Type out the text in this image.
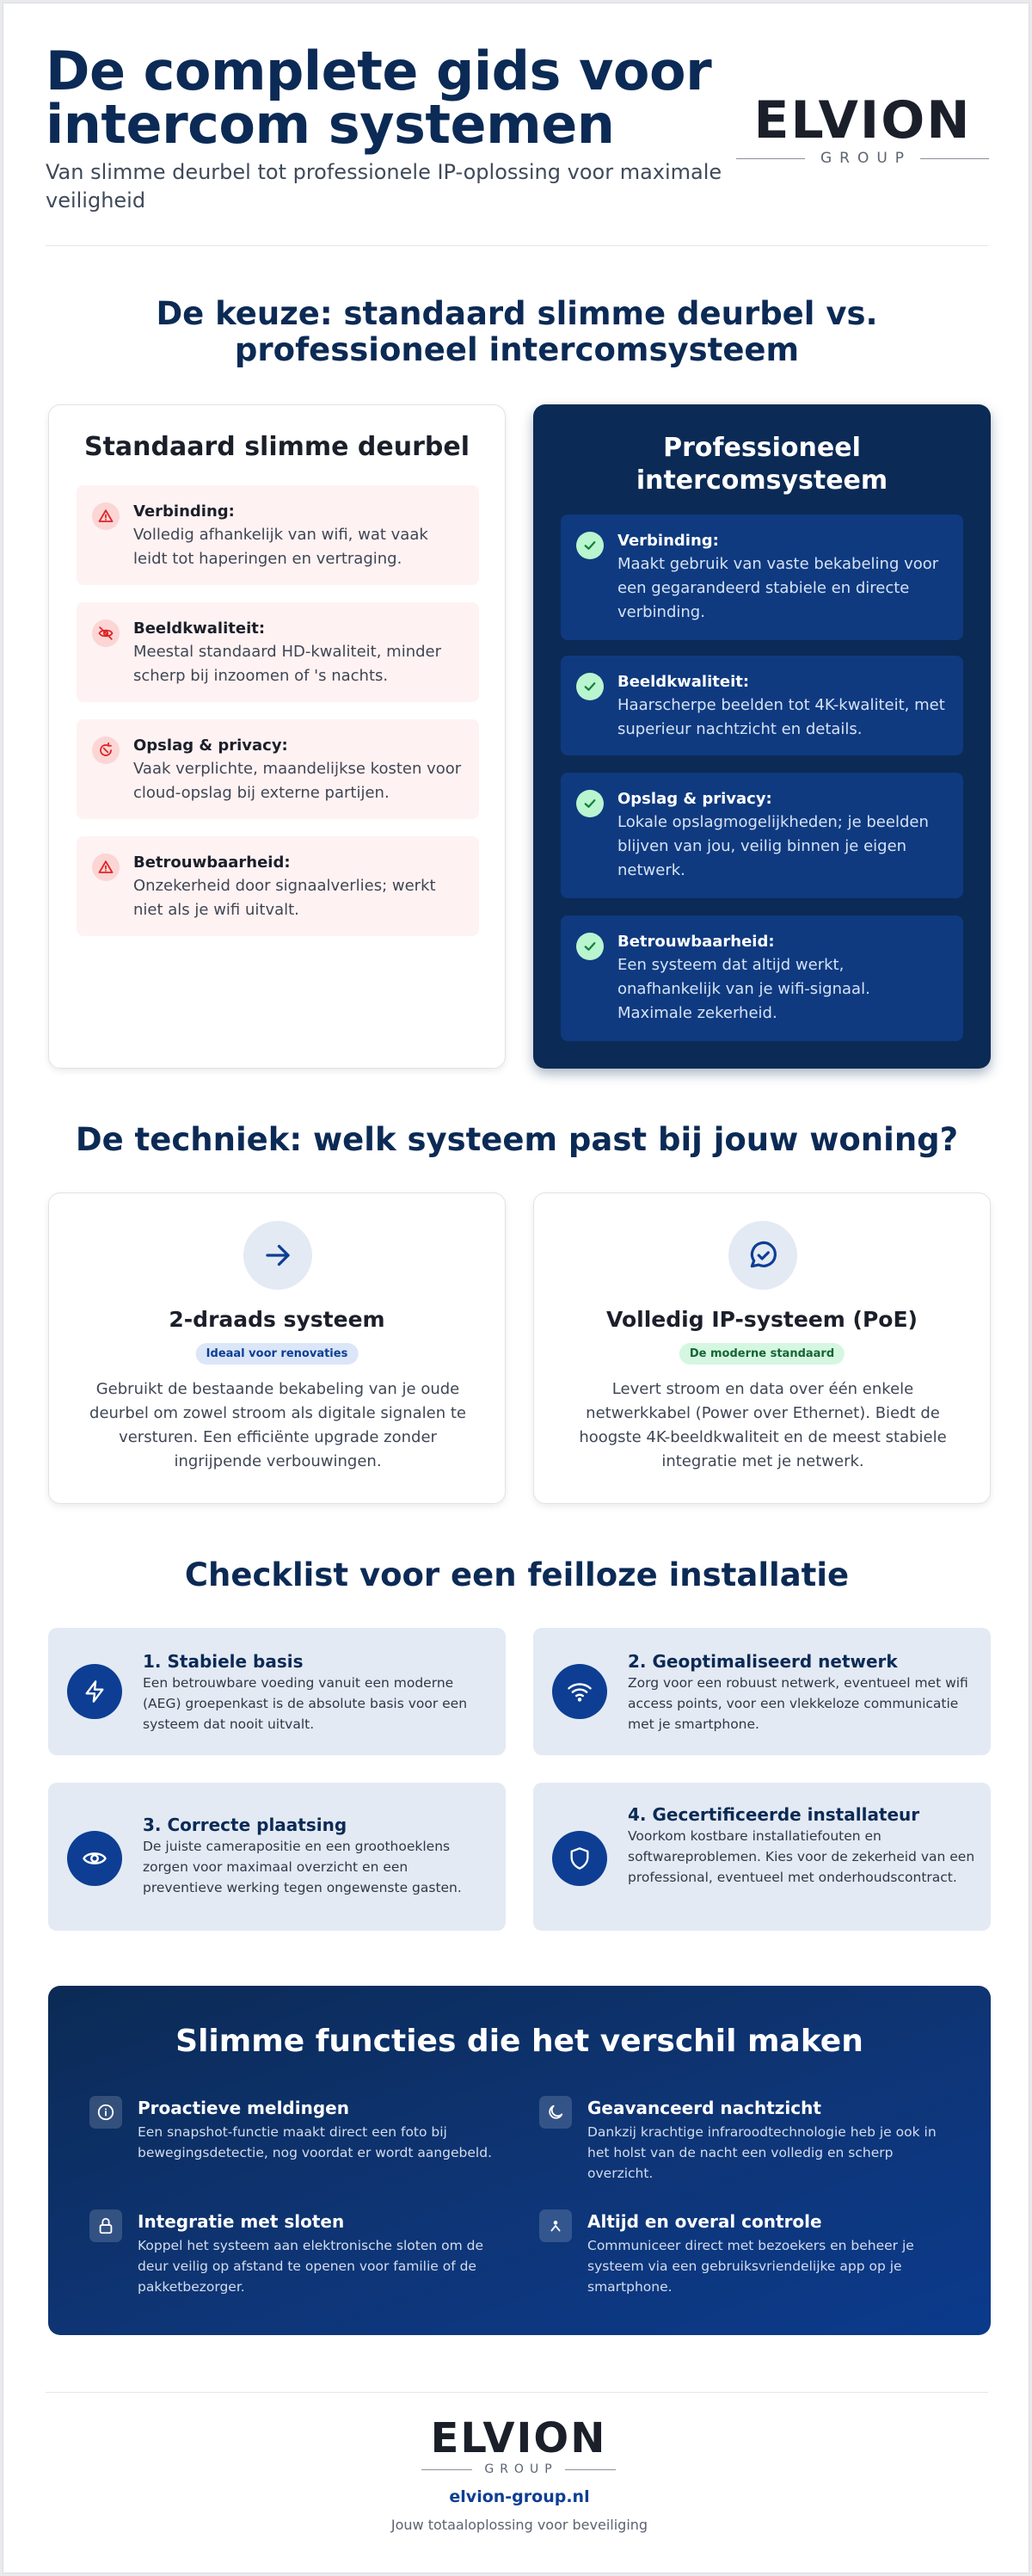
De complete gids voor intercom systemen
Van slimme deurbel tot professionele IP-oplossing voor maximale veiligheid
ELVION
GROUP
De keuze: standaard slimme deurbel vs. professioneel intercomsysteem
Standaard slimme deurbel
Verbinding:
Volledig afhankelijk van wifi, wat vaak leidt tot haperingen en vertraging.
Beeldkwaliteit:
Meestal standaard HD-kwaliteit, minder scherp bij inzoomen of 's nachts.
Opslag & privacy:
Vaak verplichte, maandelijkse kosten voor cloud-opslag bij externe partijen.
Betrouwbaarheid:
Onzekerheid door signaalverlies; werkt niet als je wifi uitvalt.
Professioneel intercomsysteem
Verbinding:
Maakt gebruik van vaste bekabeling voor een gegarandeerd stabiele en directe verbinding.
Beeldkwaliteit:
Haarscherpe beelden tot 4K-kwaliteit, met superieur nachtzicht en details.
Opslag & privacy:
Lokale opslagmogelijkheden; je beelden blijven van jou, veilig binnen je eigen netwerk.
Betrouwbaarheid:
Een systeem dat altijd werkt, onafhankelijk van je wifi-signaal. Maximale zekerheid.
De techniek: welk systeem past bij jouw woning?
2-draads systeem
Ideaal voor renovaties

Gebruikt de bestaande bekabeling van je oude deurbel om zowel stroom als digitale signalen te versturen. Een efficiënte upgrade zonder ingrijpende verbouwingen.

Volledig IP-systeem (PoE)
De moderne standaard

Levert stroom en data over één enkele netwerkkabel (Power over Ethernet). Biedt de hoogste 4K-beeldkwaliteit en de meest stabiele integratie met je netwerk.

Checklist voor een feilloze installatie
1. Stabiele basis
Een betrouwbare voeding vanuit een moderne (AEG) groepenkast is de absolute basis voor een systeem dat nooit uitvalt.
2. Geoptimaliseerd netwerk
Zorg voor een robuust netwerk, eventueel met wifi access points, voor een vlekkeloze communicatie met je smartphone.
3. Correcte plaatsing
De juiste camerapositie en een groothoeklens zorgen voor maximaal overzicht en een preventieve werking tegen ongewenste gasten.
4. Gecertificeerde installateur
Voorkom kostbare installatiefouten en softwareproblemen. Kies voor de zekerheid van een professional, eventueel met onderhoudscontract.
Slimme functies die het verschil maken
Proactieve meldingen
Een snapshot-functie maakt direct een foto bij bewegingsdetectie, nog voordat er wordt aangebeld.
Geavanceerd nachtzicht
Dankzij krachtige infraroodtechnologie heb je ook in het holst van de nacht een volledig en scherp overzicht.
Integratie met sloten
Koppel het systeem aan elektronische sloten om de deur veilig op afstand te openen voor familie of de pakketbezorger.
Altijd en overal controle
Communiceer direct met bezoekers en beheer je systeem via een gebruiksvriendelijke app op je smartphone.
ELVION
GROUP
elvion-group.nl
Jouw totaaloplossing voor beveiliging
